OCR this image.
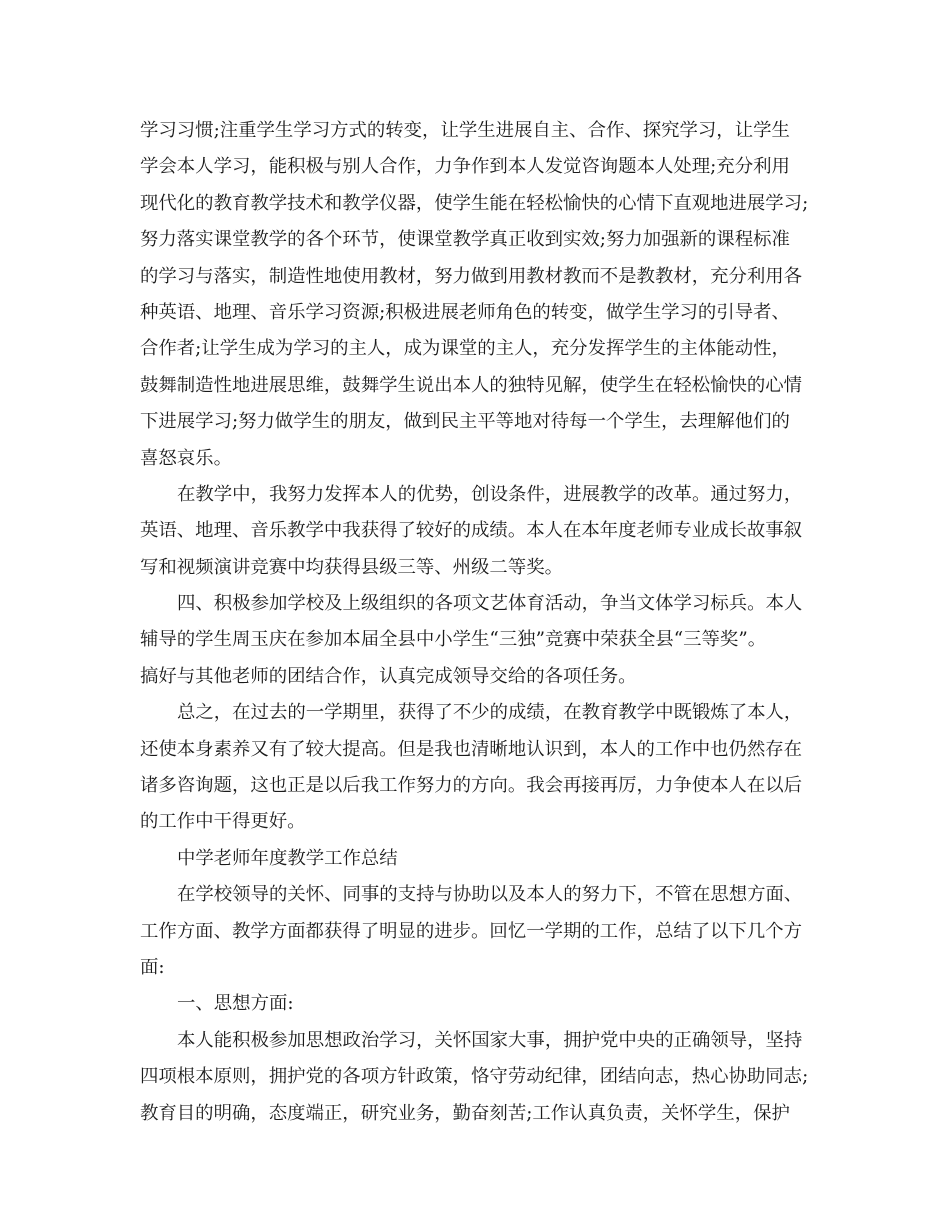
学习习惯;注重学生学习方式的转变，让学生进展自主、合作、探究学习，让学生
学会本人学习，能积极与别人合作，力争作到本人发觉咨询题本人处理;充分利用
现代化的教育教学技术和教学仪器，使学生能在轻松愉快的心情下直观地进展学习;
努力落实课堂教学的各个环节，使课堂教学真正收到实效;努力加强新的课程标准
的学习与落实，制造性地使用教材，努力做到用教材教而不是教教材，充分利用各
种英语、地理、音乐学习资源;积极进展老师角色的转变，做学生学习的引导者、
合作者;让学生成为学习的主人，成为课堂的主人，充分发挥学生的主体能动性，
鼓舞制造性地进展思维，鼓舞学生说出本人的独特见解，使学生在轻松愉快的心情
下进展学习;努力做学生的朋友，做到民主平等地对待每一个学生，去理解他们的
喜怒哀乐。
在教学中，我努力发挥本人的优势，创设条件，进展教学的改革。通过努力，
英语、地理、音乐教学中我获得了较好的成绩。本人在本年度老师专业成长故事叙
写和视频演讲竞赛中均获得县级三等、州级二等奖。
四、积极参加学校及上级组织的各项文艺体育活动，争当文体学习标兵。本人
辅导的学生周玉庆在参加本届全县中小学生“三独”竞赛中荣获全县“三等奖”。
搞好与其他老师的团结合作，认真完成领导交给的各项任务。
总之，在过去的一学期里，获得了不少的成绩，在教育教学中既锻炼了本人，
还使本身素养又有了较大提高。但是我也清晰地认识到，本人的工作中也仍然存在
诸多咨询题，这也正是以后我工作努力的方向。我会再接再厉，力争使本人在以后
的工作中干得更好。
中学老师年度教学工作总结
在学校领导的关怀、同事的支持与协助以及本人的努力下，不管在思想方面、
工作方面、教学方面都获得了明显的进步。回忆一学期的工作，总结了以下几个方
面:
一、思想方面:
本人能积极参加思想政治学习，关怀国家大事，拥护党中央的正确领导，坚持
四项根本原则，拥护党的各项方针政策，恪守劳动纪律，团结向志，热心协助同志;
教育目的明确，态度端正，研究业务，勤奋刻苦;工作认真负责，关怀学生，保护
